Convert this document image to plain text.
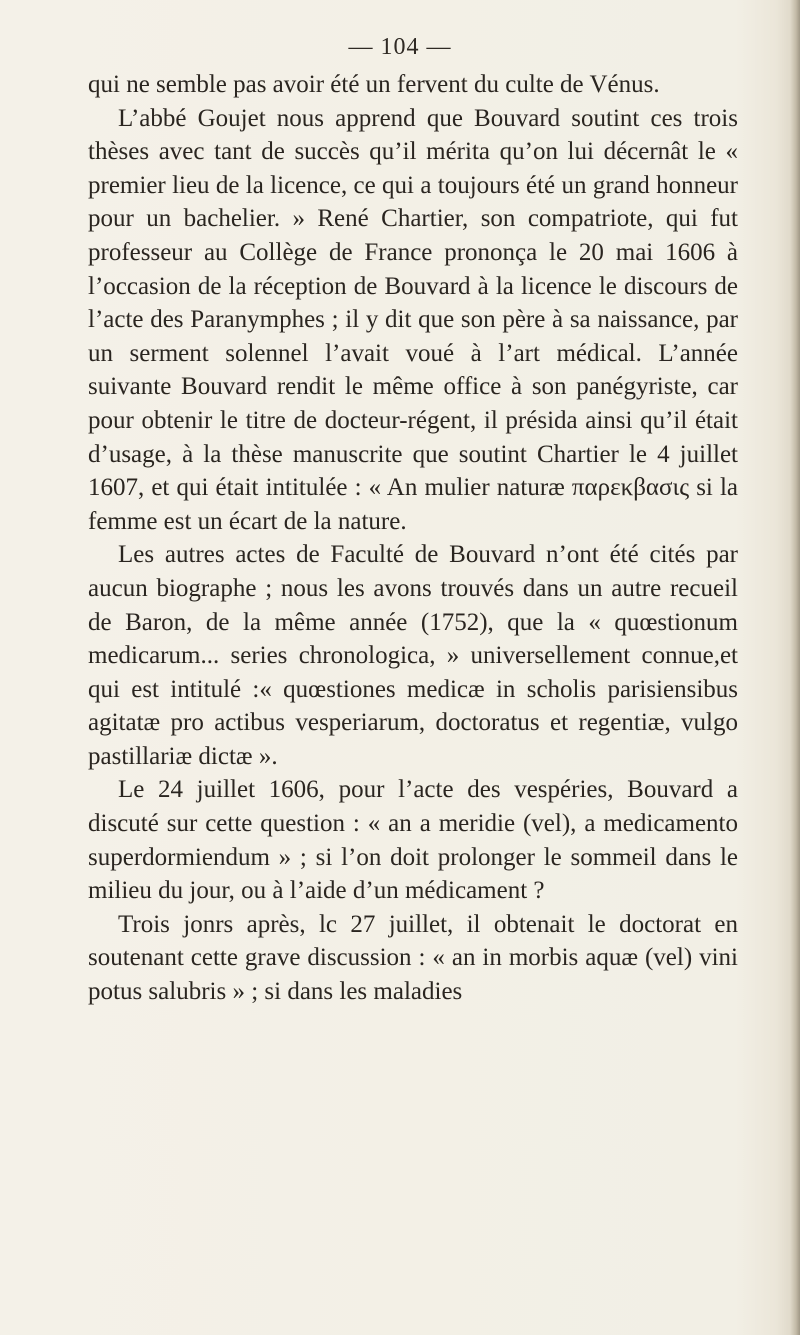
— 104 —

qui ne semble pas avoir été un fervent du culte de Vénus.

L’abbé Goujet nous apprend que Bouvard soutint ces trois thèses avec tant de succès qu’il mérita qu’on lui décernât le « premier lieu de la licence, ce qui a toujours été un grand honneur pour un bachelier. » René Chartier, son compatriote, qui fut professeur au Collège de France prononça le 20 mai 1606 à l’occasion de la réception de Bouvard à la licence le discours de l’acte des Paranymphes ; il y dit que son père à sa naissance, par un serment solennel l’avait voué à l’art médical. L’année suivante Bouvard rendit le même office à son panégyriste, car pour obtenir le titre de docteur-régent, il présida ainsi qu’il était d’usage, à la thèse manuscrite que soutint Chartier le 4 juillet 1607, et qui était intitulée : « An mulier naturæ παρεκβασις si la femme est un écart de la nature.

Les autres actes de Faculté de Bouvard n’ont été cités par aucun biographe ; nous les avons trouvés dans un autre recueil de Baron, de la même année (1752), que la « quœstionum medicarum... series chronologica, » universellement connue,et qui est intitulé :« quœstiones medicæ in scholis parisiensibus agitatæ pro actibus vesperiarum, doctoratus et regentiæ, vulgo pastillariæ dictæ ».

Le 24 juillet 1606, pour l’acte des vespéries, Bouvard a discuté sur cette question : « an a meridie (vel), a medicamento superdormiendum » ; si l’on doit prolonger le sommeil dans le milieu du jour, ou à l’aide d’un médicament ?

Trois jonrs après, lc 27 juillet, il obtenait le doctorat en soutenant cette grave discussion : « an in morbis aquæ (vel) vini potus salubris » ; si dans les maladies
